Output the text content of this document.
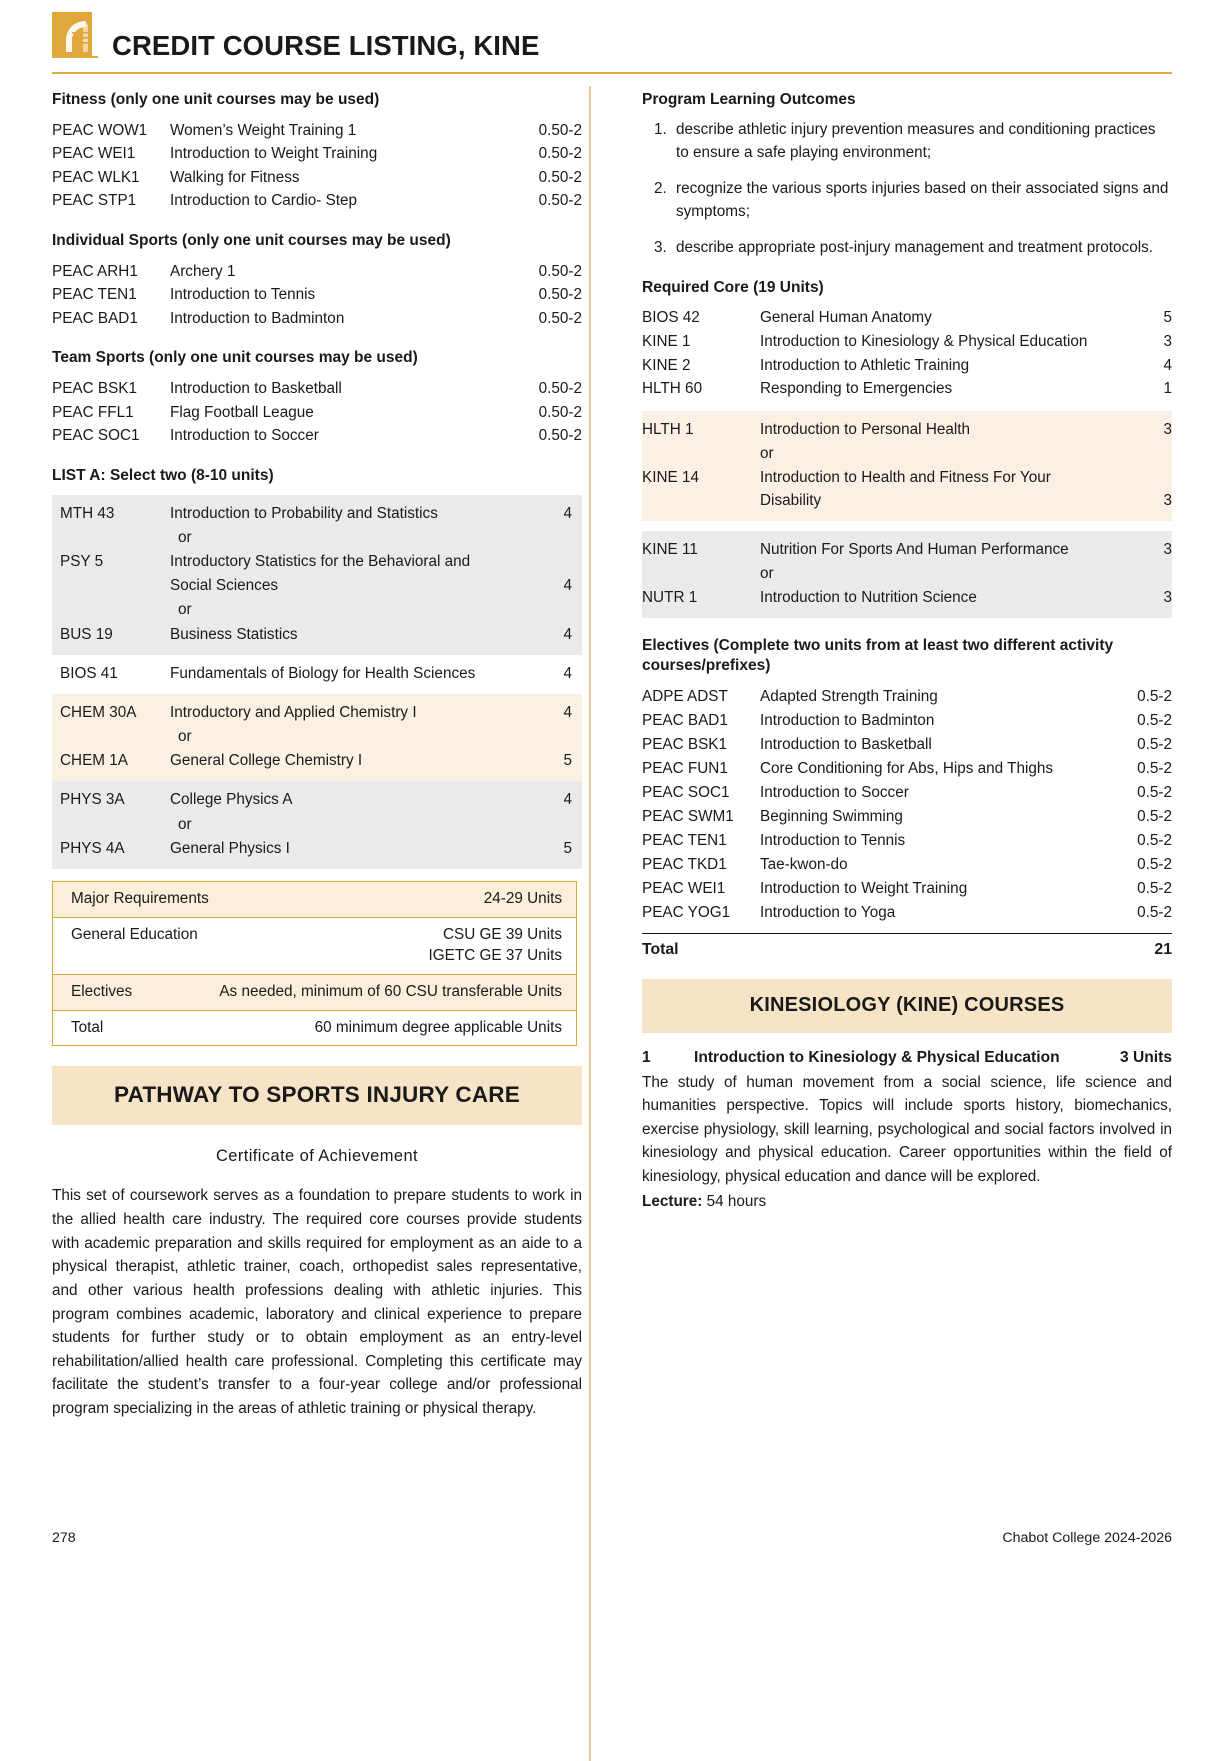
CREDIT COURSE LISTING, KINE
Fitness (only one unit courses may be used)
PEAC WOW1	Women’s Weight Training 1	0.50-2
PEAC WEI1	Introduction to Weight Training	0.50-2
PEAC WLK1	Walking for Fitness	0.50-2
PEAC STP1	Introduction to Cardio- Step	0.50-2
Individual Sports (only one unit courses may be used)
PEAC ARH1	Archery 1	0.50-2
PEAC TEN1	Introduction to Tennis	0.50-2
PEAC BAD1	Introduction to Badminton	0.50-2
Team Sports (only one unit courses may be used)
PEAC BSK1	Introduction to Basketball	0.50-2
PEAC FFL1	Flag Football League	0.50-2
PEAC SOC1	Introduction to Soccer	0.50-2
LIST A: Select two (8-10 units)
MTH 43	Introduction to Probability and Statistics	4
or
PSY 5	Introductory Statistics for the Behavioral and
Social Sciences	4
or
BUS 19	Business Statistics	4
BIOS 41	Fundamentals of Biology for Health Sciences	4
CHEM 30A	Introductory and Applied Chemistry I	4
or
CHEM 1A	General College Chemistry I	5
PHYS 3A	College Physics A	4
or
PHYS 4A	General Physics I	5
Major Requirements	24-29 Units
General Education	CSU GE 39 Units
IGETC GE 37 Units
Electives	As needed, minimum of 60 CSU transferable Units
Total	60 minimum degree applicable Units
PATHWAY TO SPORTS INJURY CARE
Certificate of Achievement
This set of coursework serves as a foundation to prepare students to work in the allied health care industry. The required core courses provide students with academic preparation and skills required for employment as an aide to a physical therapist, athletic trainer, coach, orthopedist sales representative, and other various health professions dealing with athletic injuries. This program combines academic, laboratory and clinical experience to prepare students for further study or to obtain employment as an entry-level rehabilitation/allied health care professional. Completing this certificate may facilitate the student’s transfer to a four-year college and/or professional program specializing in the areas of athletic training or physical therapy.
Program Learning Outcomes
describe athletic injury prevention measures and conditioning practices to ensure a safe playing environment;
recognize the various sports injuries based on their associated signs and symptoms;
describe appropriate post-injury management and treatment protocols.
Required Core (19 Units)
BIOS 42	General Human Anatomy	5
KINE 1	Introduction to Kinesiology & Physical Education	3
KINE 2	Introduction to Athletic Training	4
HLTH 60	Responding to Emergencies	1
HLTH 1	Introduction to Personal Health	3
or
KINE 14	Introduction to Health and Fitness For Your
Disability	3
KINE 11	Nutrition For Sports And Human Performance	3
or
NUTR 1	Introduction to Nutrition Science	3
Electives (Complete two units from at least two different activity courses/prefixes)
ADPE ADST	Adapted Strength Training	0.5-2
PEAC BAD1	Introduction to Badminton	0.5-2
PEAC BSK1	Introduction to Basketball	0.5-2
PEAC FUN1	Core Conditioning for Abs, Hips and Thighs	0.5-2
PEAC SOC1	Introduction to Soccer	0.5-2
PEAC SWM1	Beginning Swimming	0.5-2
PEAC TEN1	Introduction to Tennis	0.5-2
PEAC TKD1	Tae-kwon-do	0.5-2
PEAC WEI1	Introduction to Weight Training	0.5-2
PEAC YOG1	Introduction to Yoga	0.5-2
Total	21
KINESIOLOGY (KINE) COURSES
1	Introduction to Kinesiology & Physical Education	3 Units
The study of human movement from a social science, life science and humanities perspective. Topics will include sports history, biomechanics, exercise physiology, skill learning, psychological and social factors involved in kinesiology and physical education. Career opportunities within the field of kinesiology, physical education and dance will be explored.
Lecture: 54 hours
278	Chabot College 2024-2026
